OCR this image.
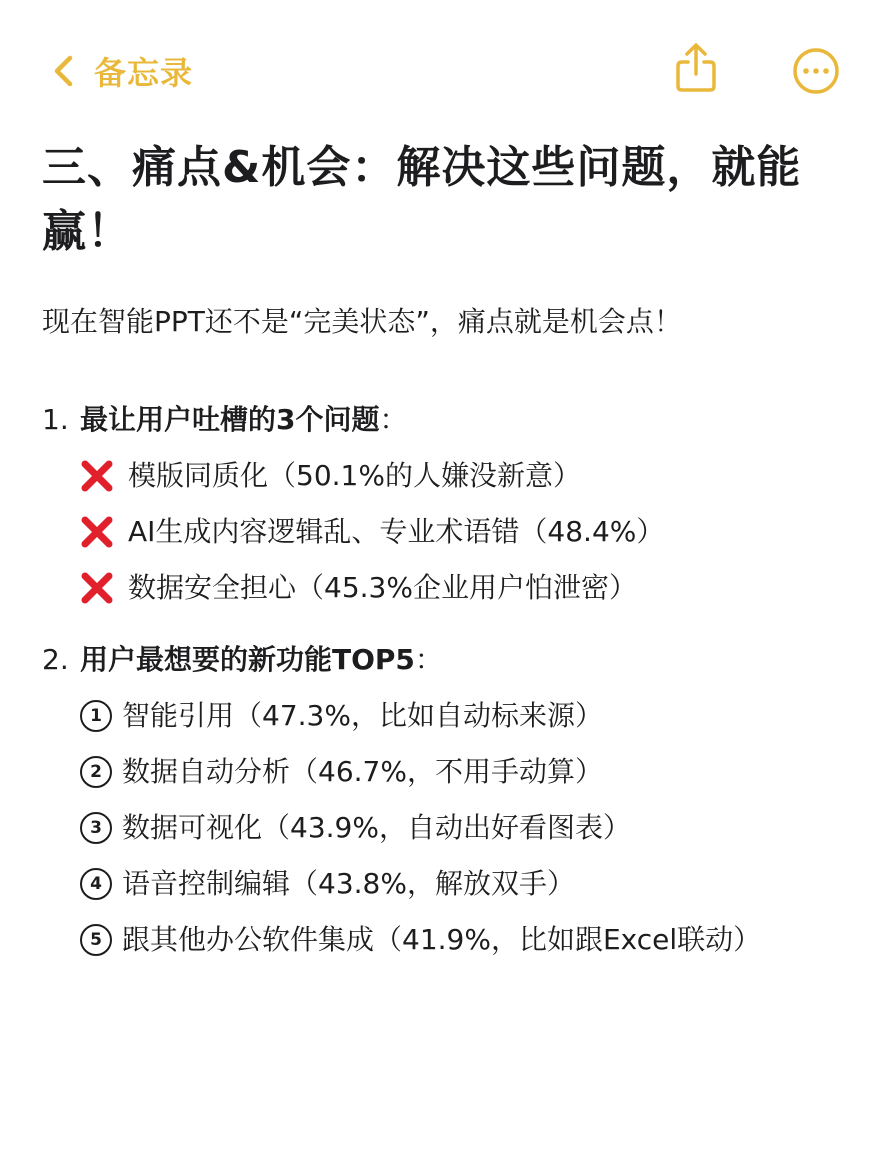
备忘录
三、痛点&机会：解决这些问题，就能赢！
现在智能PPT还不是“完美状态”，痛点就是机会点！
1. 最让用户吐槽的3个问题 ：
模版同质化（50.1%的人嫌没新意）
AI生成内容逻辑乱、专业术语错（48.4%）
数据安全担心（45.3%企业用户怕泄密）
2. 用户最想要的新功能TOP5 ：
1 智能引用（47.3%，比如自动标来源）
2 数据自动分析（46.7%，不用手动算）
3 数据可视化（43.9%，自动出好看图表）
4 语音控制编辑（43.8%，解放双手）
5 跟其他办公软件集成（41.9%，比如跟Excel联动）
